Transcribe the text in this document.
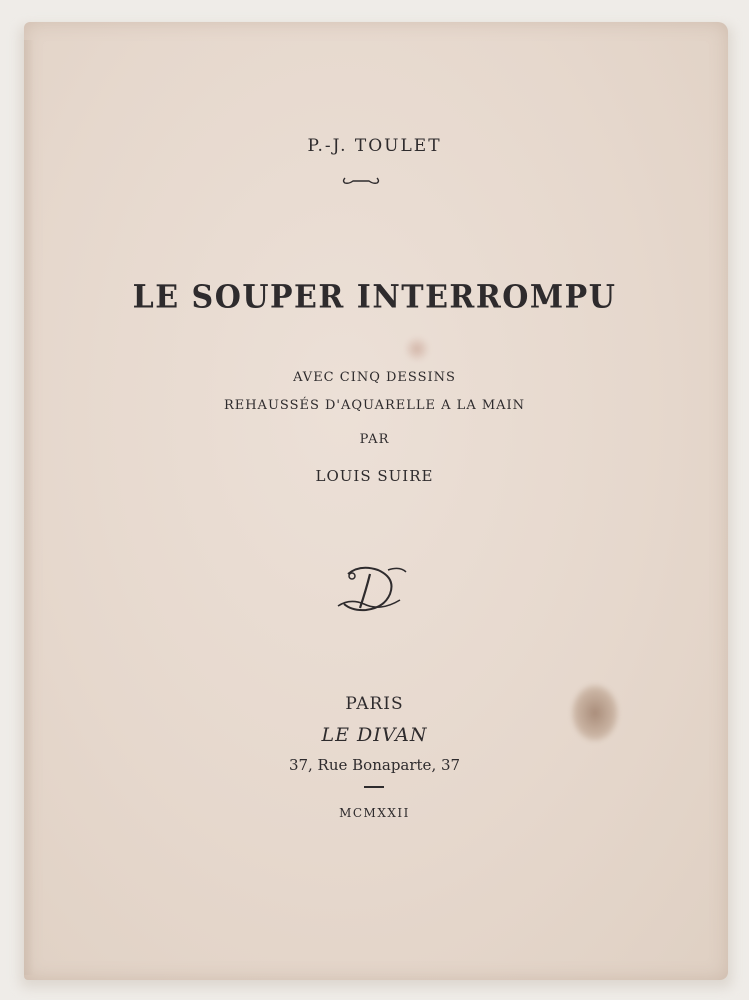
P.-J. TOULET
LE SOUPER INTERROMPU
AVEC CINQ DESSINS
REHAUSSÉS D'AQUARELLE A LA MAIN
PAR
LOUIS SUIRE
PARIS
LE DIVAN
37, Rue Bonaparte, 37
MCMXXII
